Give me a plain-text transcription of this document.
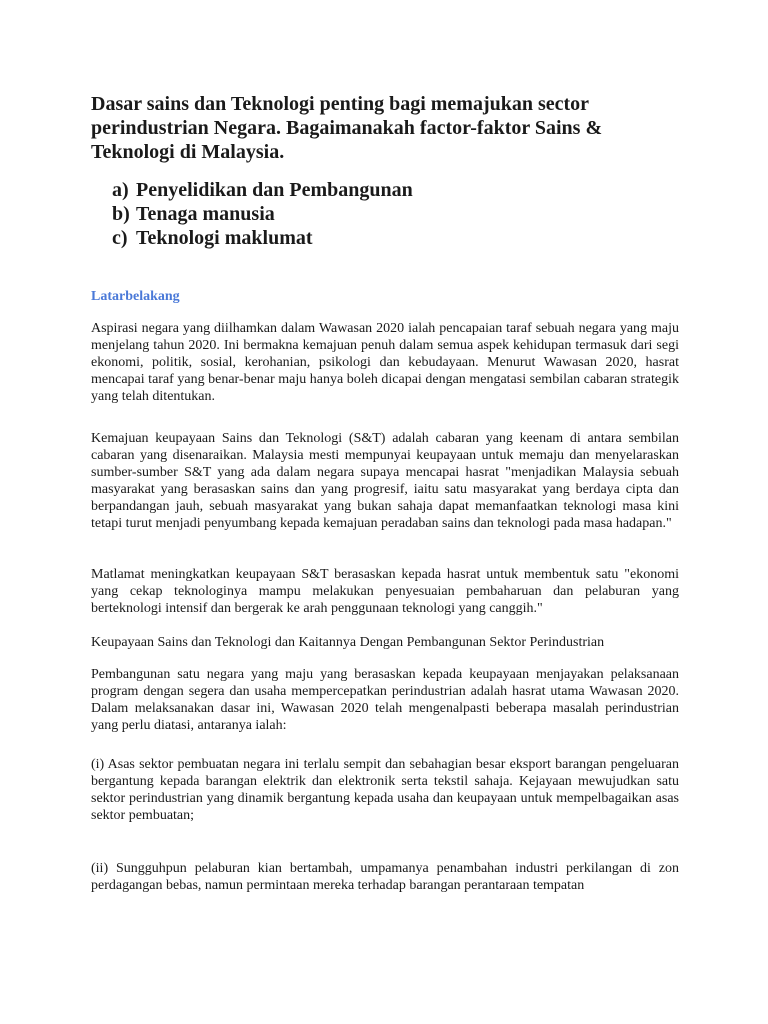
Dasar sains dan Teknologi penting bagi memajukan sector perindustrian Negara. Bagaimanakah factor-faktor Sains & Teknologi di Malaysia.
a) Penyelidikan dan Pembangunan
b) Tenaga manusia
c) Teknologi maklumat
Latarbelakang

Aspirasi negara yang diilhamkan dalam Wawasan 2020 ialah pencapaian taraf sebuah negara yang maju menjelang tahun 2020. Ini bermakna kemajuan penuh dalam semua aspek kehidupan termasuk dari segi ekonomi, politik, sosial, kerohanian, psikologi dan kebudayaan. Menurut Wawasan 2020, hasrat mencapai taraf yang benar-benar maju hanya boleh dicapai dengan mengatasi sembilan cabaran strategik yang telah ditentukan.

Kemajuan keupayaan Sains dan Teknologi (S&T) adalah cabaran yang keenam di antara sembilan cabaran yang disenaraikan. Malaysia mesti mempunyai keupayaan untuk memaju dan menyelaraskan sumber-sumber S&T yang ada dalam negara supaya mencapai hasrat "menjadikan Malaysia sebuah masyarakat yang berasaskan sains dan yang progresif, iaitu satu masyarakat yang berdaya cipta dan berpandangan jauh, sebuah masyarakat yang bukan sahaja dapat memanfaatkan teknologi masa kini tetapi turut menjadi penyumbang kepada kemajuan peradaban sains dan teknologi pada masa hadapan."

Matlamat meningkatkan keupayaan S&T berasaskan kepada hasrat untuk membentuk satu "ekonomi yang cekap teknologinya mampu melakukan penyesuaian pembaharuan dan pelaburan yang berteknologi intensif dan bergerak ke arah penggunaan teknologi yang canggih."

Keupayaan Sains dan Teknologi dan Kaitannya Dengan Pembangunan Sektor Perindustrian

Pembangunan satu negara yang maju yang berasaskan kepada keupayaan menjayakan pelaksanaan program dengan segera dan usaha mempercepatkan perindustrian adalah hasrat utama Wawasan 2020. Dalam melaksanakan dasar ini, Wawasan 2020 telah mengenalpasti beberapa masalah perindustrian yang perlu diatasi, antaranya ialah:

(i) Asas sektor pembuatan negara ini terlalu sempit dan sebahagian besar eksport barangan pengeluaran bergantung kepada barangan elektrik dan elektronik serta tekstil sahaja. Kejayaan mewujudkan satu sektor perindustrian yang dinamik bergantung kepada usaha dan keupayaan untuk mempelbagaikan asas sektor pembuatan;

(ii) Sungguhpun pelaburan kian bertambah, umpamanya penambahan industri perkilangan di zon perdagangan bebas, namun permintaan mereka terhadap barangan perantaraan tempatan
